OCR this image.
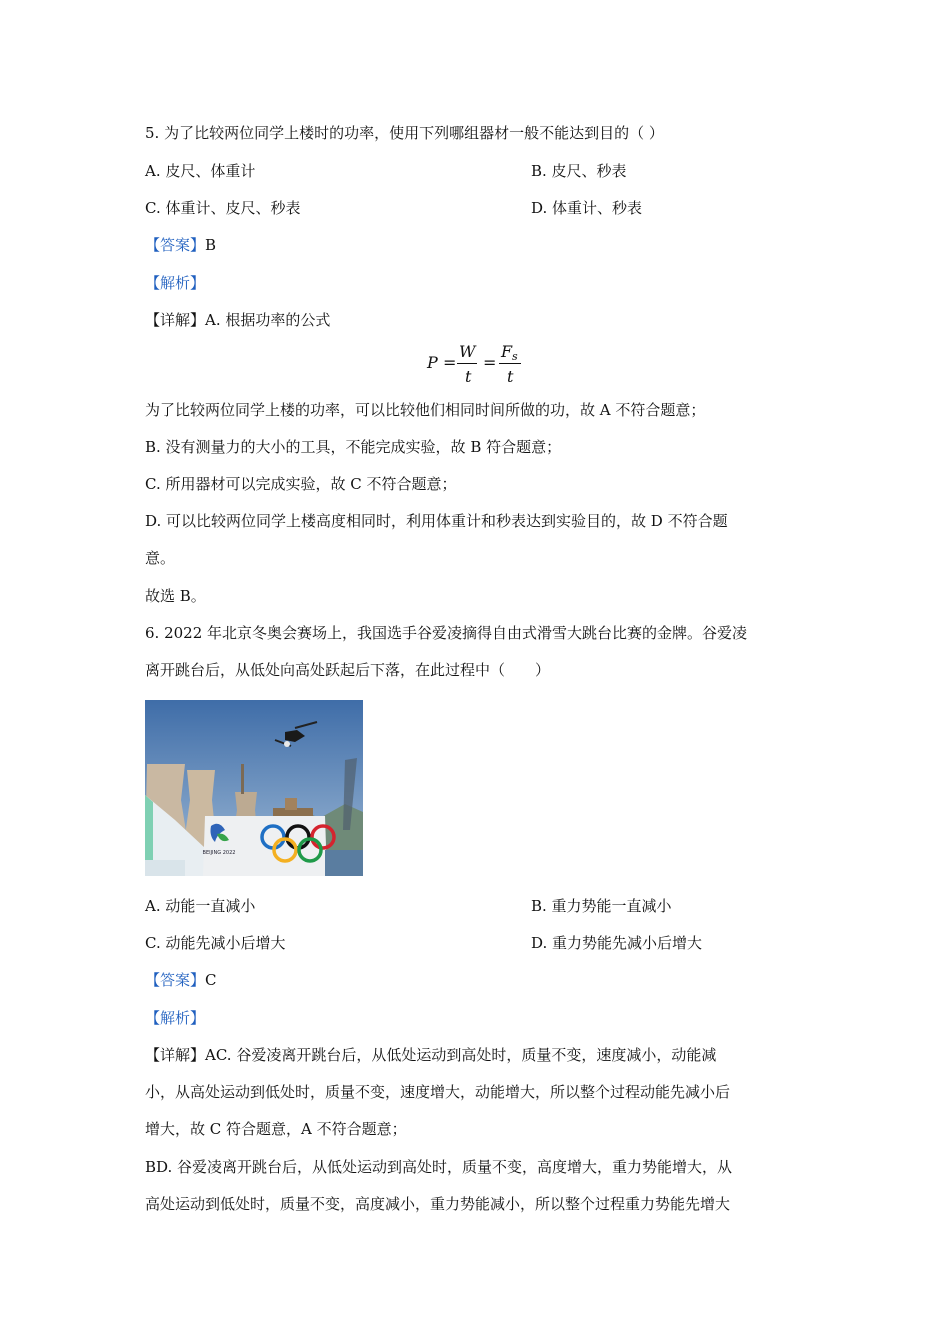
5. 为了比较两位同学上楼时的功率，使用下列哪组器材一般不能达到目的（ ）
A. 皮尺、体重计	B. 皮尺、秒表
C. 体重计、皮尺、秒表	D. 体重计、秒表
【答案】B
【解析】
【详解】A. 根据功率的公式
P =
W
t
=
F s
t
为了比较两位同学上楼的功率，可以比较他们相同时间所做的功，故 A 不符合题意；
B. 没有测量力的大小的工具，不能完成实验，故 B 符合题意；
C. 所用器材可以完成实验，故 C 不符合题意；
D. 可以比较两位同学上楼高度相同时，利用体重计和秒表达到实验目的，故 D 不符合题
意。
故选 B。
6. 2022 年北京冬奥会赛场上，我国选手谷爱凌摘得自由式滑雪大跳台比赛的金牌。谷爱凌
离开跳台后，从低处向高处跃起后下落，在此过程中（　　）
BEIJING 2022
A. 动能一直减小	B. 重力势能一直减小
C. 动能先减小后增大	D. 重力势能先减小后增大
【答案】C
【解析】
【详解】AC. 谷爱凌离开跳台后，从低处运动到高处时，质量不变，速度减小，动能减
小，从高处运动到低处时，质量不变，速度增大，动能增大，所以整个过程动能先减小后
增大，故 C 符合题意，A 不符合题意；
BD. 谷爱凌离开跳台后，从低处运动到高处时，质量不变，高度增大，重力势能增大，从
高处运动到低处时，质量不变，高度减小，重力势能减小，所以整个过程重力势能先增大
